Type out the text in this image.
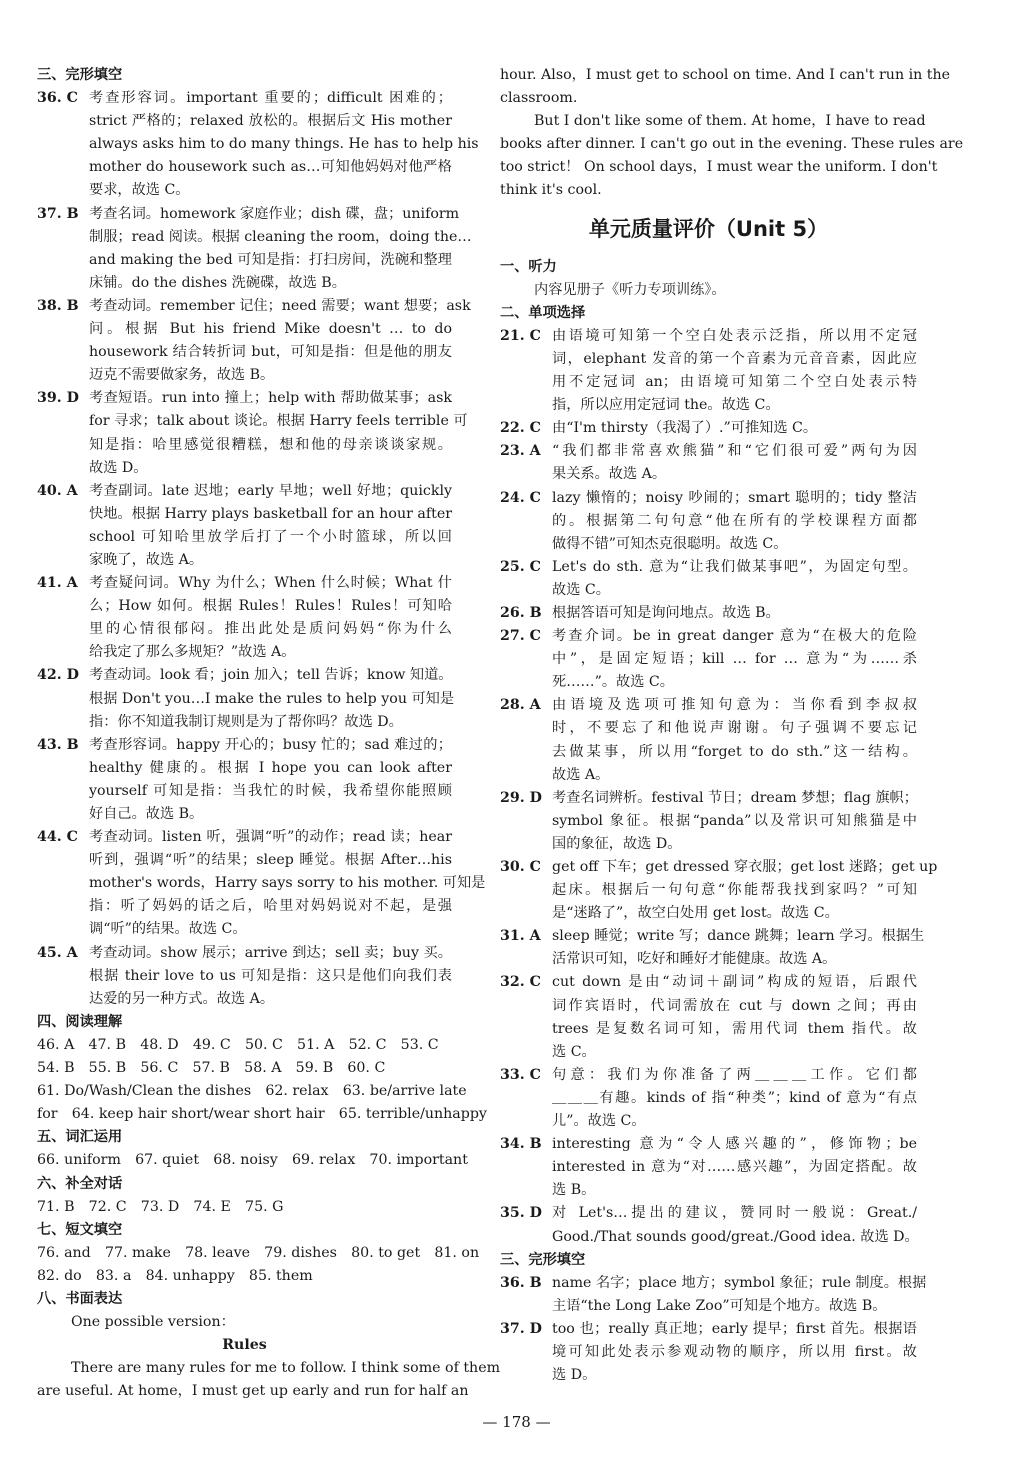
三、完形填空
36. C 考查形容词。important 重要的；difficult 困难的；
strict 严格的；relaxed 放松的。根据后文 His mother
always asks him to do many things. He has to help his
mother do housework such as…可知他妈妈对他严格
要求，故选 C。
37. B 考查名词。homework 家庭作业；dish 碟，盘；uniform
制服；read 阅读。根据 cleaning the room，doing the…
and making the bed 可知是指：打扫房间，洗碗和整理
床铺。do the dishes 洗碗碟，故选 B。
38. B 考查动词。remember 记住；need 需要；want 想要；ask
问。根据 But his friend Mike doesn't … to do
housework 结合转折词 but，可知是指：但是他的朋友
迈克不需要做家务，故选 B。
39. D 考查短语。run into 撞上；help with 帮助做某事；ask
for 寻求；talk about 谈论。根据 Harry feels terrible 可
知是指：哈里感觉很糟糕，想和他的母亲谈谈家规。
故选 D。
40. A 考查副词。late 迟地；early 早地；well 好地；quickly
快地。根据 Harry plays basketball for an hour after
school 可知哈里放学后打了一个小时篮球，所以回
家晚了，故选 A。
41. A 考查疑问词。Why 为什么；When 什么时候；What 什
么；How 如何。根据 Rules！Rules！Rules！可知哈
里的心情很郁闷。推出此处是质问妈妈“你为什么
给我定了那么多规矩？”故选 A。
42. D 考查动词。look 看；join 加入；tell 告诉；know 知道。
根据 Don't you…I make the rules to help you 可知是
指：你不知道我制订规则是为了帮你吗？故选 D。
43. B 考查形容词。happy 开心的；busy 忙的；sad 难过的；
healthy 健康的。根据 I hope you can look after
yourself 可知是指：当我忙的时候，我希望你能照顾
好自己。故选 B。
44. C 考查动词。listen 听，强调“听”的动作；read 读；hear
听到，强调“听”的结果；sleep 睡觉。根据 After…his
mother's words，Harry says sorry to his mother. 可知是
指：听了妈妈的话之后，哈里对妈妈说对不起，是强
调“听”的结果。故选 C。
45. A 考查动词。show 展示；arrive 到达；sell 卖；buy 买。
根据 their love to us 可知是指：这只是他们向我们表
达爱的另一种方式。故选 A。
四、阅读理解
46. A　47. B　48. D　49. C　50. C　51. A　52. C　53. C
54. B　55. B　56. C　57. B　58. A　59. B　60. C
61. Do/Wash/Clean the dishes　62. relax　63. be/arrive late
for　64. keep hair short/wear short hair　65. terrible/unhappy
五、词汇运用
66. uniform　67. quiet　68. noisy　69. relax　70. important
六、补全对话
71. B　72. C　73. D　74. E　75. G
七、短文填空
76. and　77. make　78. leave　79. dishes　80. to get　81. on
82. do　83. a　84. unhappy　85. them
八、书面表达
One possible version：
Rules
There are many rules for me to follow. I think some of them
are useful. At home，I must get up early and run for half an
hour. Also，I must get to school on time. And I can't run in the
classroom.
But I don't like some of them. At home，I have to read
books after dinner. I can't go out in the evening. These rules are
too strict！ On school days，I must wear the uniform. I don't
think it's cool.
单元质量评价（Unit 5）
一、听力
内容见册子《听力专项训练》。
二、单项选择
21. C 由语境可知第一个空白处表示泛指，所以用不定冠
词，elephant 发音的第一个音素为元音音素，因此应
用不定冠词 an；由语境可知第二个空白处表示特
指，所以应用定冠词 the。故选 C。
22. C 由“I'm thirsty（我渴了）.”可推知选 C。
23. A “我们都非常喜欢熊猫”和“它们很可爱”两句为因
果关系。故选 A。
24. C lazy 懒惰的；noisy 吵闹的；smart 聪明的；tidy 整洁
的。根据第二句句意“他在所有的学校课程方面都
做得不错”可知杰克很聪明。故选 C。
25. C Let's do sth. 意为“让我们做某事吧”，为固定句型。
故选 C。
26. B 根据答语可知是询问地点。故选 B。
27. C 考查介词。be in great danger 意为“在极大的危险
中”，是固定短语；kill … for … 意为“为……杀
死……”。故选 C。
28. A 由语境及选项可推知句意为：当你看到李叔叔
时，不要忘了和他说声谢谢。句子强调不要忘记
去做某事，所以用“forget to do sth.”这一结构。
故选 A。
29. D 考查名词辨析。festival 节日；dream 梦想；flag 旗帜；
symbol 象征。根据“panda”以及常识可知熊猫是中
国的象征，故选 D。
30. C get off 下车；get dressed 穿衣服；get lost 迷路；get up
起床。根据后一句句意“你能帮我找到家吗？”可知
是“迷路了”，故空白处用 get lost。故选 C。
31. A sleep 睡觉；write 写；dance 跳舞；learn 学习。根据生
活常识可知，吃好和睡好才能健康。故选 A。
32. C cut down 是由“动词＋副词”构成的短语，后跟代
词作宾语时，代词需放在 cut 与 down 之间；再由
trees 是复数名词可知，需用代词 them 指代。故
选 C。
33. C 句意：我们为你准备了两＿＿＿工作。它们都
＿＿＿有趣。kinds of 指“种类”；kind of 意为“有点
儿”。故选 C。
34. B interesting 意为“令人感兴趣的”，修饰物；be
interested in 意为“对……感兴趣”，为固定搭配。故
选 B。
35. D 对 Let's…提出的建议，赞同时一般说：Great./
Good./That sounds good/great./Good idea. 故选 D。
三、完形填空
36. B name 名字；place 地方；symbol 象征；rule 制度。根据
主语“the Long Lake Zoo”可知是个地方。故选 B。
37. D too 也；really 真正地；early 提早；first 首先。根据语
境可知此处表示参观动物的顺序，所以用 first。故
选 D。
— 178 —
